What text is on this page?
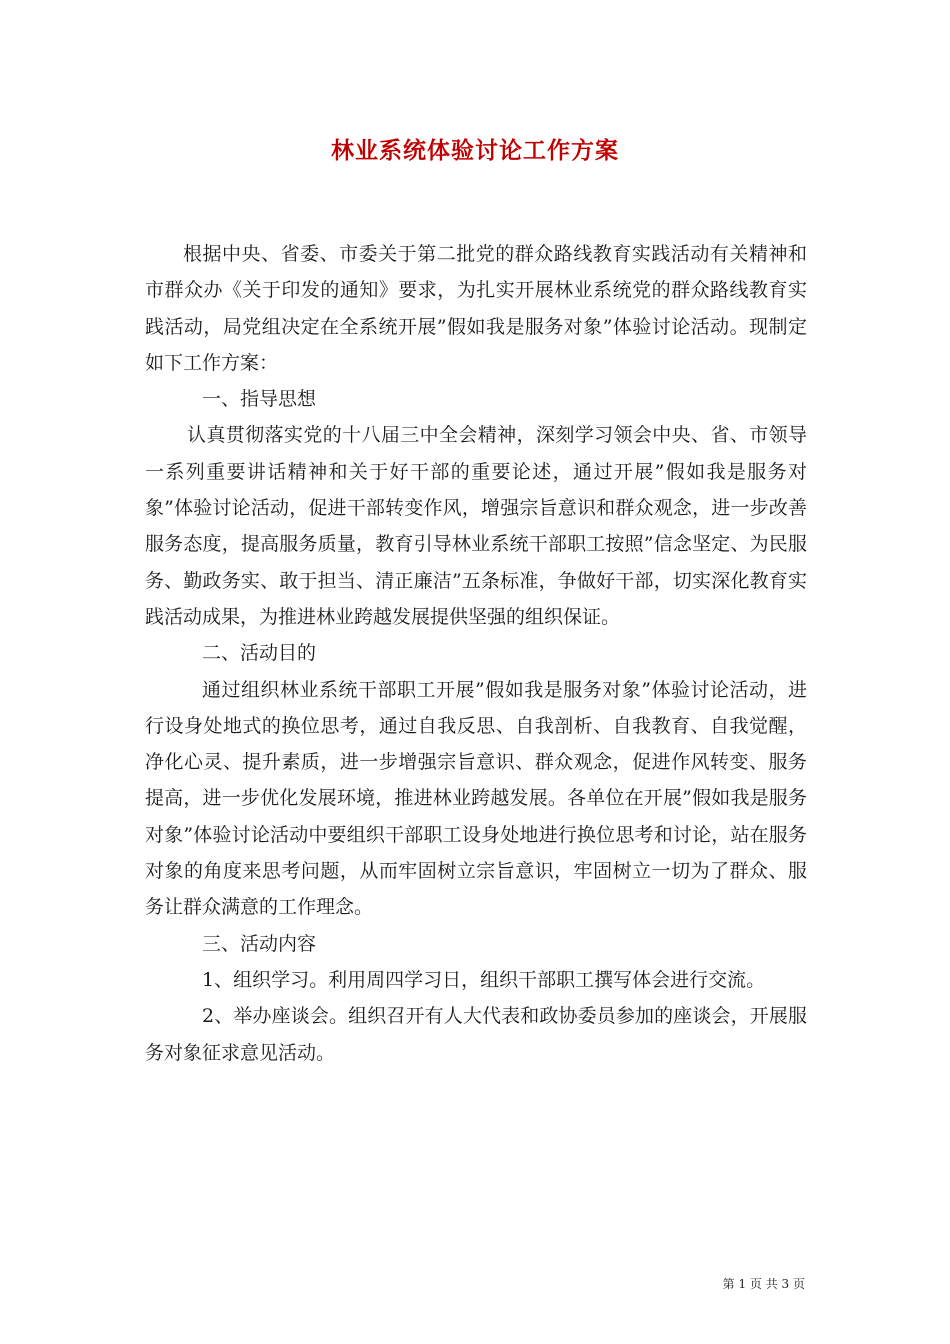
林业系统体验讨论工作方案

根据中央、省委、市委关于第二批党的群众路线教育实践活动有关精神和市群众办《关于印发的通知》要求，为扎实开展林业系统党的群众路线教育实践活动，局党组决定在全系统开展”假如我是服务对象”体验讨论活动。现制定如下工作方案：

一、指导思想

认真贯彻落实党的十八届三中全会精神，深刻学习领会中央、省、市领导一系列重要讲话精神和关于好干部的重要论述，通过开展”假如我是服务对象”体验讨论活动，促进干部转变作风，增强宗旨意识和群众观念，进一步改善服务态度，提高服务质量，教育引导林业系统干部职工按照”信念坚定、为民服务、勤政务实、敢于担当、清正廉洁”五条标准，争做好干部，切实深化教育实践活动成果，为推进林业跨越发展提供坚强的组织保证。

二、活动目的

通过组织林业系统干部职工开展”假如我是服务对象”体验讨论活动，进行设身处地式的换位思考，通过自我反思、自我剖析、自我教育、自我觉醒，净化心灵、提升素质，进一步增强宗旨意识、群众观念，促进作风转变、服务提高，进一步优化发展环境，推进林业跨越发展。各单位在开展”假如我是服务对象”体验讨论活动中要组织干部职工设身处地进行换位思考和讨论，站在服务对象的角度来思考问题，从而牢固树立宗旨意识，牢固树立一切为了群众、服务让群众满意的工作理念。

三、活动内容

1、组织学习。利用周四学习日，组织干部职工撰写体会进行交流。

2、举办座谈会。组织召开有人大代表和政协委员参加的座谈会，开展服务对象征求意见活动。

第 1 页 共 3 页
